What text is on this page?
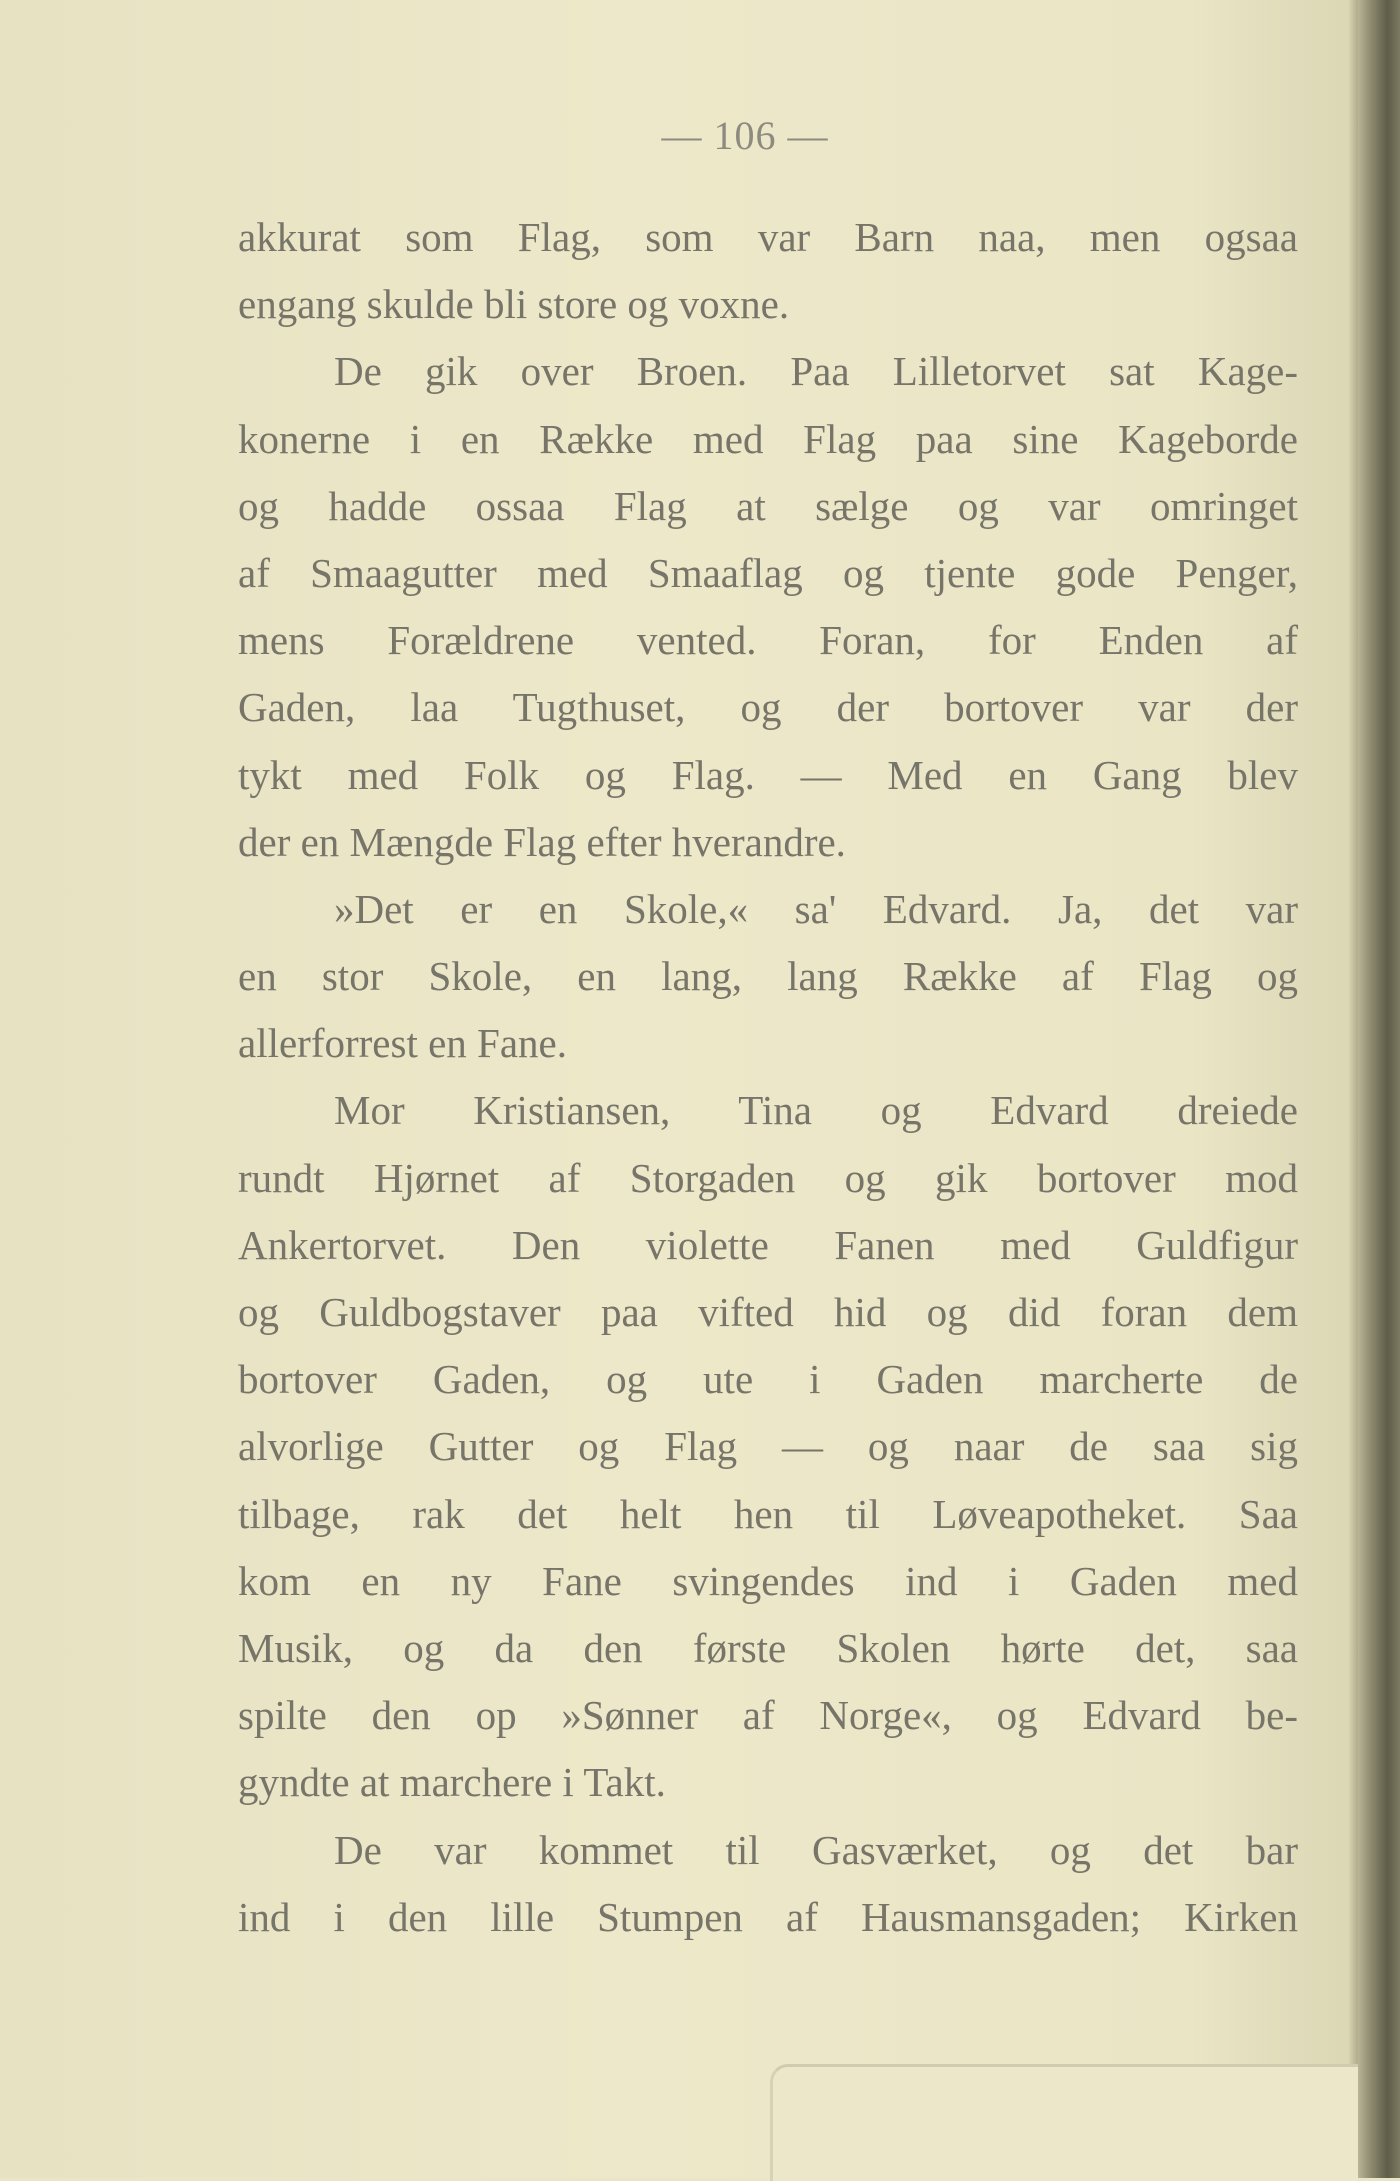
— 106 —
akkurat som Flag, som var Barn naa, men ogsaa
engang skulde bli store og voxne.
De gik over Broen. Paa Lilletorvet sat Kage-
konerne i en Række med Flag paa sine Kageborde
og hadde ossaa Flag at sælge og var omringet
af Smaagutter med Smaaflag og tjente gode Penger,
mens Forældrene vented. Foran, for Enden af
Gaden, laa Tugthuset, og der bortover var der
tykt med Folk og Flag. — Med en Gang blev
der en Mængde Flag efter hverandre.
»Det er en Skole,« sa' Edvard. Ja, det var
en stor Skole, en lang, lang Række af Flag og
allerforrest en Fane.
Mor Kristiansen, Tina og Edvard dreiede
rundt Hjørnet af Storgaden og gik bortover mod
Ankertorvet. Den violette Fanen med Guldfigur
og Guldbogstaver paa vifted hid og did foran dem
bortover Gaden, og ute i Gaden marcherte de
alvorlige Gutter og Flag — og naar de saa sig
tilbage, rak det helt hen til Løveapotheket. Saa
kom en ny Fane svingendes ind i Gaden med
Musik, og da den første Skolen hørte det, saa
spilte den op »Sønner af Norge«, og Edvard be-
gyndte at marchere i Takt.
De var kommet til Gasværket, og det bar
ind i den lille Stumpen af Hausmansgaden; Kirken
